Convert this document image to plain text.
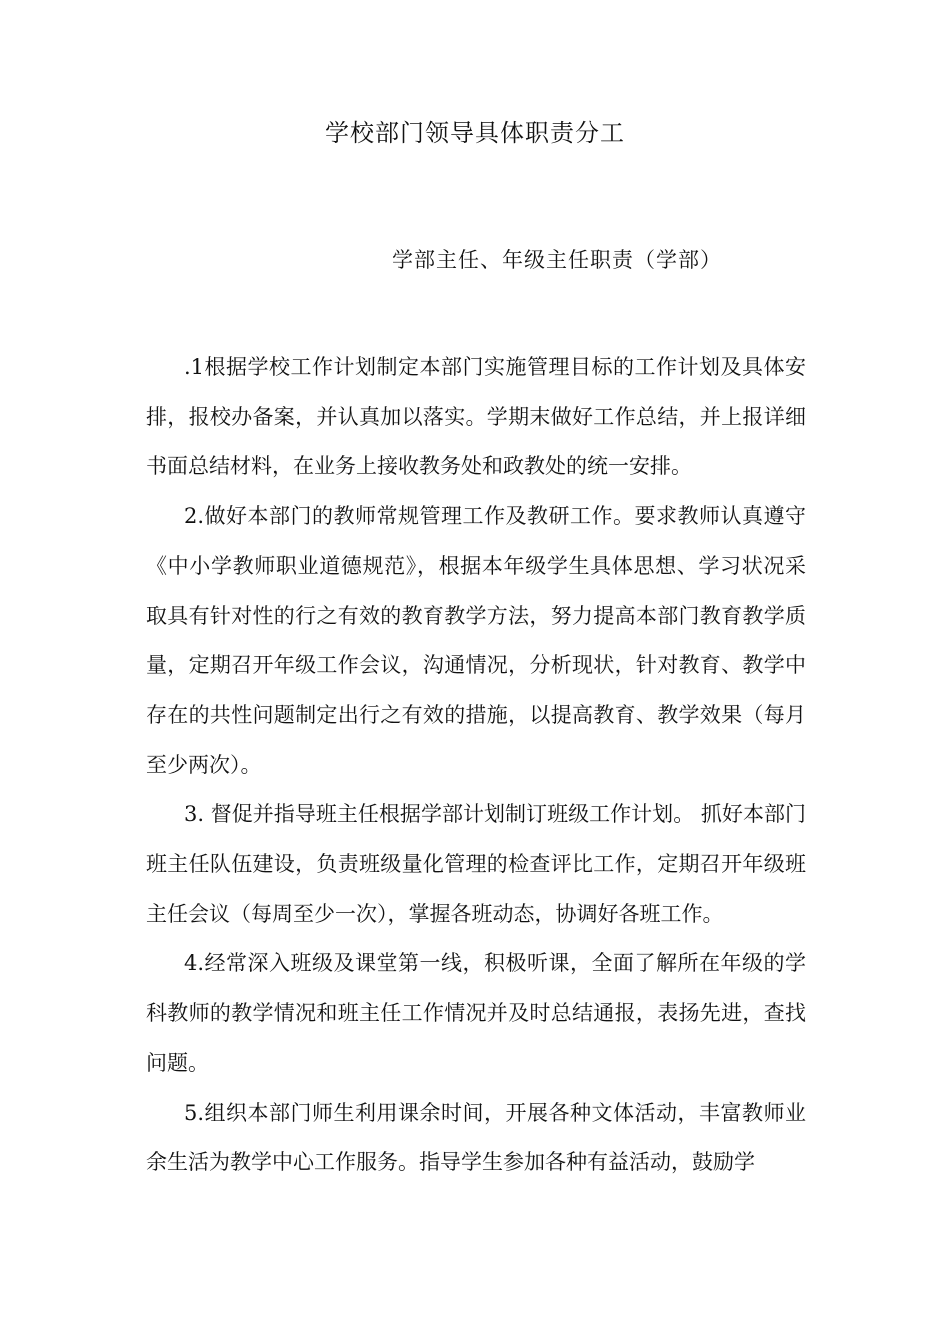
学校部门领导具体职责分工
学部主任、年级主任职责（学部）

.1根据学校工作计划制定本部门实施管理目标的工作计划及具体安排，报校办备案，并认真加以落实。学期末做好工作总结，并上报详细书面总结材料，在业务上接收教务处和政教处的统一安排。

2.做好本部门的教师常规管理工作及教研工作。要求教师认真遵守《中小学教师职业道德规范》，根据本年级学生具体思想、学习状况采取具有针对性的行之有效的教育教学方法，努力提高本部门教育教学质量，定期召开年级工作会议，沟通情况，分析现状，针对教育、教学中存在的共性问题制定出行之有效的措施，以提高教育、教学效果（每月至少两次）。

3. 督促并指导班主任根据学部计划制订班级工作计划。 抓好本部门班主任队伍建设，负责班级量化管理的检查评比工作，定期召开年级班主任会议（每周至少一次），掌握各班动态，协调好各班工作。

4.经常深入班级及课堂第一线，积极听课，全面了解所在年级的学科教师的教学情况和班主任工作情况并及时总结通报，表扬先进，查找问题。

5.组织本部门师生利用课余时间，开展各种文体活动，丰富教师业余生活为教学中心工作服务。指导学生参加各种有益活动，鼓励学
